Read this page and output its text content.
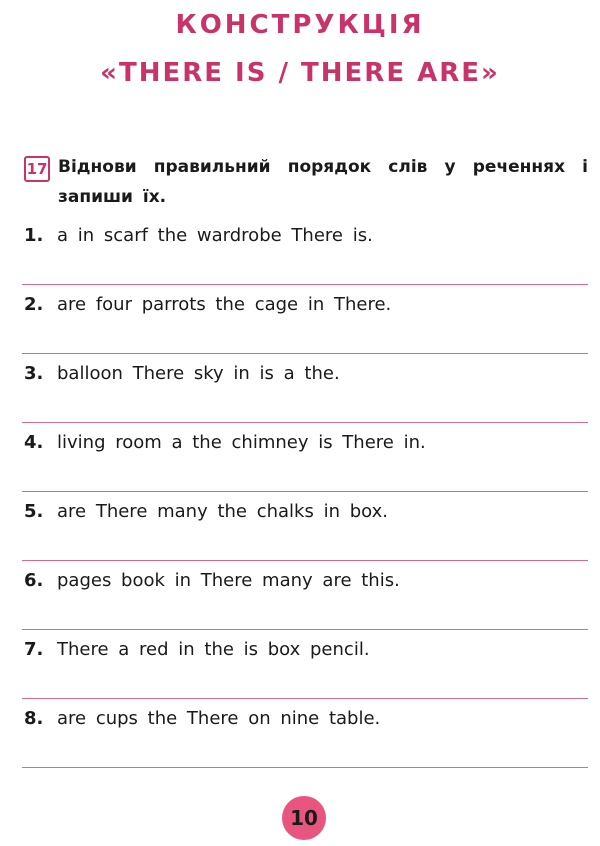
КОНСТРУКЦІЯ
«THERE IS / THERE ARE»
17 Віднови правильний порядок слів у реченнях і запиши їх.
1. a in scarf the wardrobe There is.
2. are four parrots the cage in There.
3. balloon There sky in is a the.
4. living room a the chimney is There in.
5. are There many the chalks in box.
6. pages book in There many are this.
7. There a red in the is box pencil.
8. are cups the There on nine table.
10
